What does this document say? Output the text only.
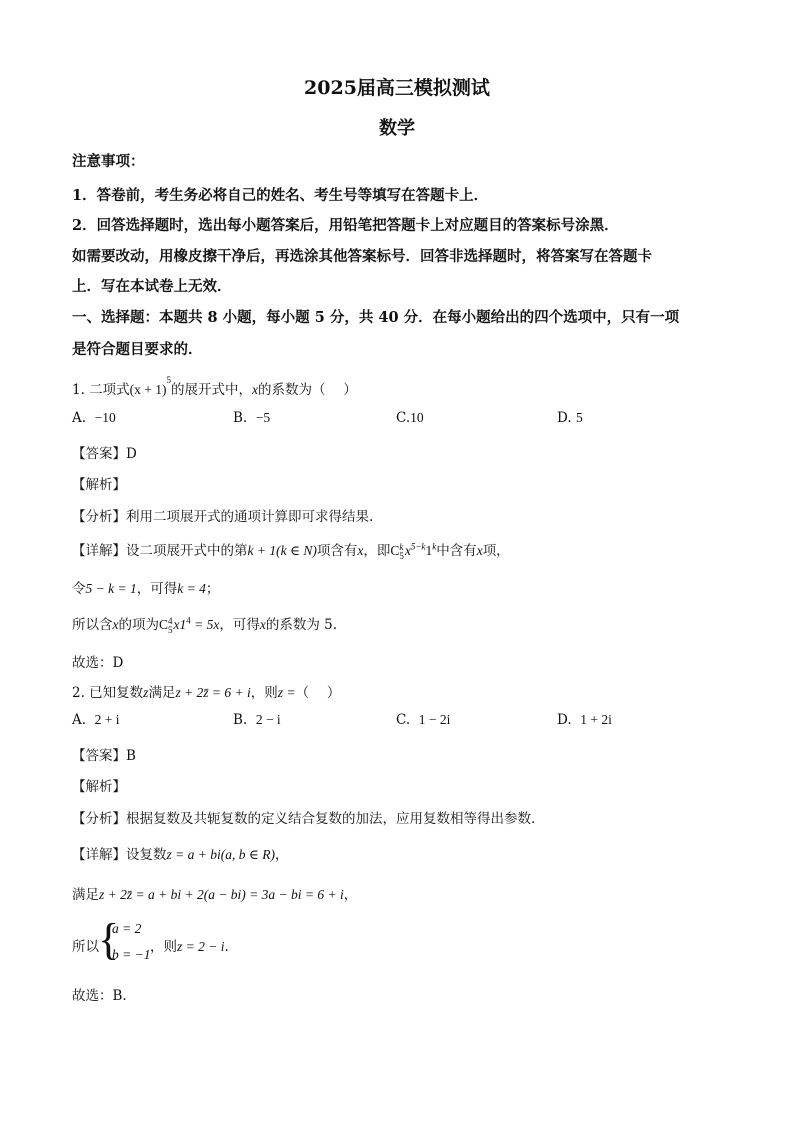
2025届高三模拟测试
数学
注意事项：
1．答卷前，考生务必将自己的姓名、考生号等填写在答题卡上．
2．回答选择题时，选出每小题答案后，用铅笔把答题卡上对应题目的答案标号涂黑．
如需要改动，用橡皮擦干净后，再选涂其他答案标号．回答非选择题时，将答案写在答题卡
上．写在本试卷上无效．
一、选择题：本题共 8 小题，每小题 5 分，共 40 分．在每小题给出的四个选项中，只有一项
是符合题目要求的．
1. 二项式$(x + 1)^5$的展开式中，x的系数为（　 ）
A. −10	B. −5	C.10	D. 5
【答案】D
【解析】
【分析】利用二项展开式的通项计算即可求得结果.
【详解】设二项展开式中的第k + 1(k ∈ N)项含有x，即C k
5 $x^{5-k}1^k$中含有x项，
令5 − k = 1，可得k = 4；
所以含x的项为C 4
5 $x1^4 = 5x$，可得x的系数为 5.
故选：D
2. 已知复数z满足z + 2z̄ = 6 + i，则z =（　 ）
A. 2 + i	B. 2 − i	C. 1 − 2i	D. 1 + 2i
【答案】B
【解析】
【分析】根据复数及共轭复数的定义结合复数的加法，应用复数相等得出参数.
【详解】设复数z = a + bi(a, b ∈ R)，
满足z + 2z̄ = a + bi + 2(a − bi) = 3a − bi = 6 + i，
所以 {
a = 2
b = −1 ，则z = 2 − i.
故选：B.
